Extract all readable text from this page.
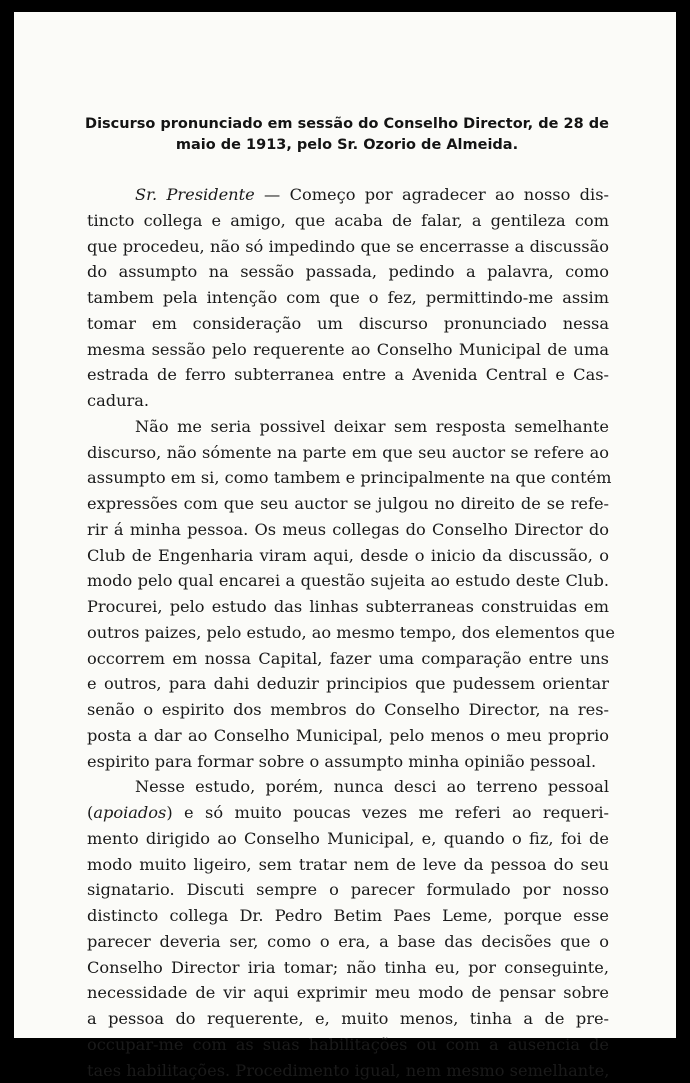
Discurso pronunciado em sessão do Conselho Director, de 28 de
maio de 1913, pelo Sr. Ozorio de Almeida.
Sr. Presidente — Começo por agradecer ao nosso dis-
tincto collega e amigo, que acaba de falar, a gentileza com
que procedeu, não só impedindo que se encerrasse a discussão
do assumpto na sessão passada, pedindo a palavra, como
tambem pela intenção com que o fez, permittindo-me assim
tomar em consideração um discurso pronunciado nessa
mesma sessão pelo requerente ao Conselho Municipal de uma
estrada de ferro subterranea entre a Avenida Central e Cas-
cadura.
Não me seria possivel deixar sem resposta semelhante
discurso, não sómente na parte em que seu auctor se refere ao
assumpto em si, como tambem e principalmente na que contém
expressões com que seu auctor se julgou no direito de se refe-
rir á minha pessoa. Os meus collegas do Conselho Director do
Club de Engenharia viram aqui, desde o inicio da discussão, o
modo pelo qual encarei a questão sujeita ao estudo deste Club.
Procurei, pelo estudo das linhas subterraneas construidas em
outros paizes, pelo estudo, ao mesmo tempo, dos elementos que
occorrem em nossa Capital, fazer uma comparação entre uns
e outros, para dahi deduzir principios que pudessem orientar
senão o espirito dos membros do Conselho Director, na res-
posta a dar ao Conselho Municipal, pelo menos o meu proprio
espirito para formar sobre o assumpto minha opinião pessoal.
Nesse estudo, porém, nunca desci ao terreno pessoal
(apoiados) e só muito poucas vezes me referi ao requeri-
mento dirigido ao Conselho Municipal, e, quando o fiz, foi de
modo muito ligeiro, sem tratar nem de leve da pessoa do seu
signatario. Discuti sempre o parecer formulado por nosso
distincto collega Dr. Pedro Betim Paes Leme, porque esse
parecer deveria ser, como o era, a base das decisões que o
Conselho Director iria tomar; não tinha eu, por conseguinte,
necessidade de vir aqui exprimir meu modo de pensar sobre
a pessoa do requerente, e, muito menos, tinha a de pre-
occupar-me com as suas habilitações ou com a ausencia de
taes habilitações. Procedimento igual, nem mesmo semelhante,
